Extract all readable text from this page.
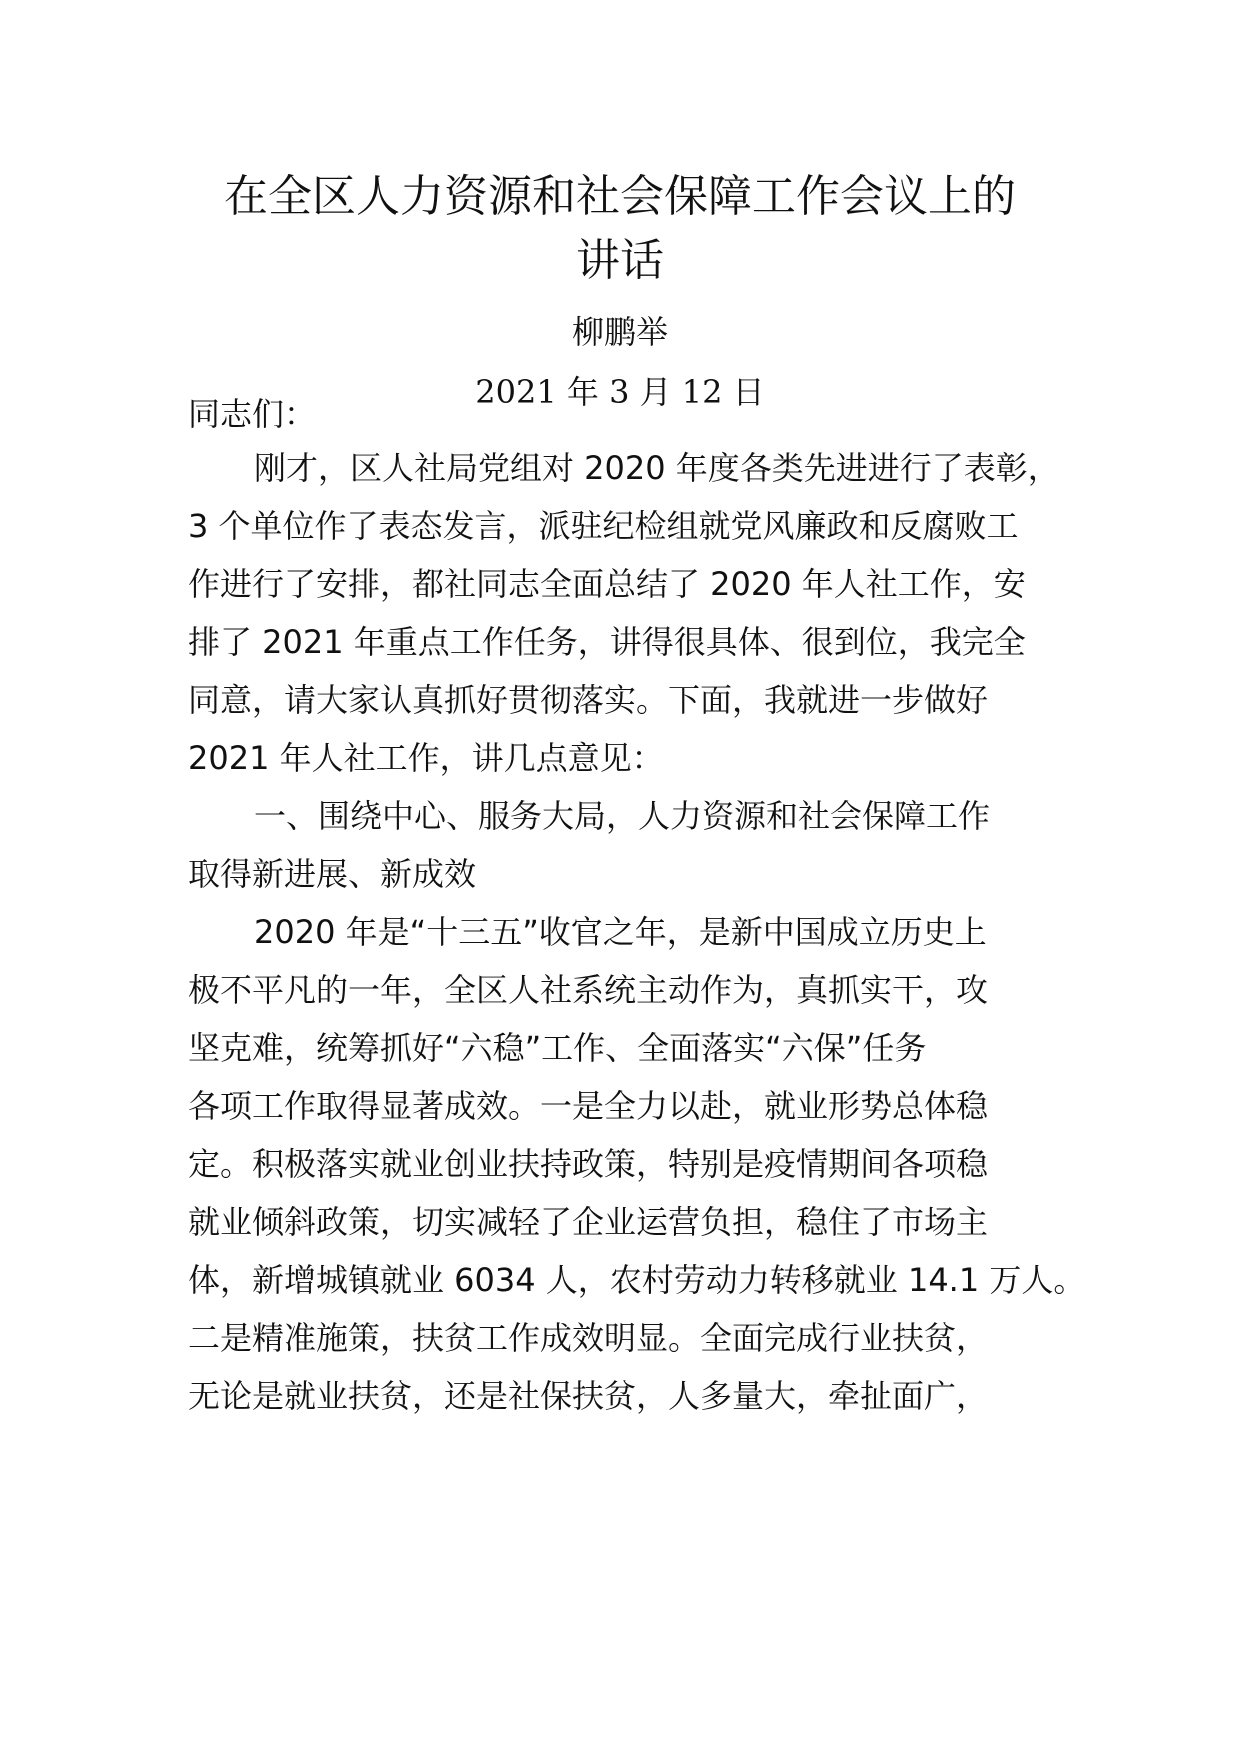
在全区人力资源和社会保障工作会议上的
讲话
柳鹏举
2021 年 3 月 12 日
同志们：
刚才，区人社局党组对 2020 年度各类先进进行了表彰，
3 个单位作了表态发言，派驻纪检组就党风廉政和反腐败工
作进行了安排，都社同志全面总结了 2020 年人社工作，安
排了 2021 年重点工作任务，讲得很具体、很到位，我完全
同意，请大家认真抓好贯彻落实。下面，我就进一步做好
2021 年人社工作，讲几点意见：
一、围绕中心、服务大局，人力资源和社会保障工作
取得新进展、新成效
2020 年是“十三五”收官之年，是新中国成立历史上
极不平凡的一年，全区人社系统主动作为，真抓实干，攻
坚克难，统筹抓好“六稳”工作、全面落实“六保”任务
各项工作取得显著成效。一是全力以赴，就业形势总体稳
定。积极落实就业创业扶持政策，特别是疫情期间各项稳
就业倾斜政策，切实减轻了企业运营负担，稳住了市场主
体，新增城镇就业 6034 人，农村劳动力转移就业 14.1 万人。
二是精准施策，扶贫工作成效明显。全面完成行业扶贫，
无论是就业扶贫，还是社保扶贫，人多量大，牵扯面广，
